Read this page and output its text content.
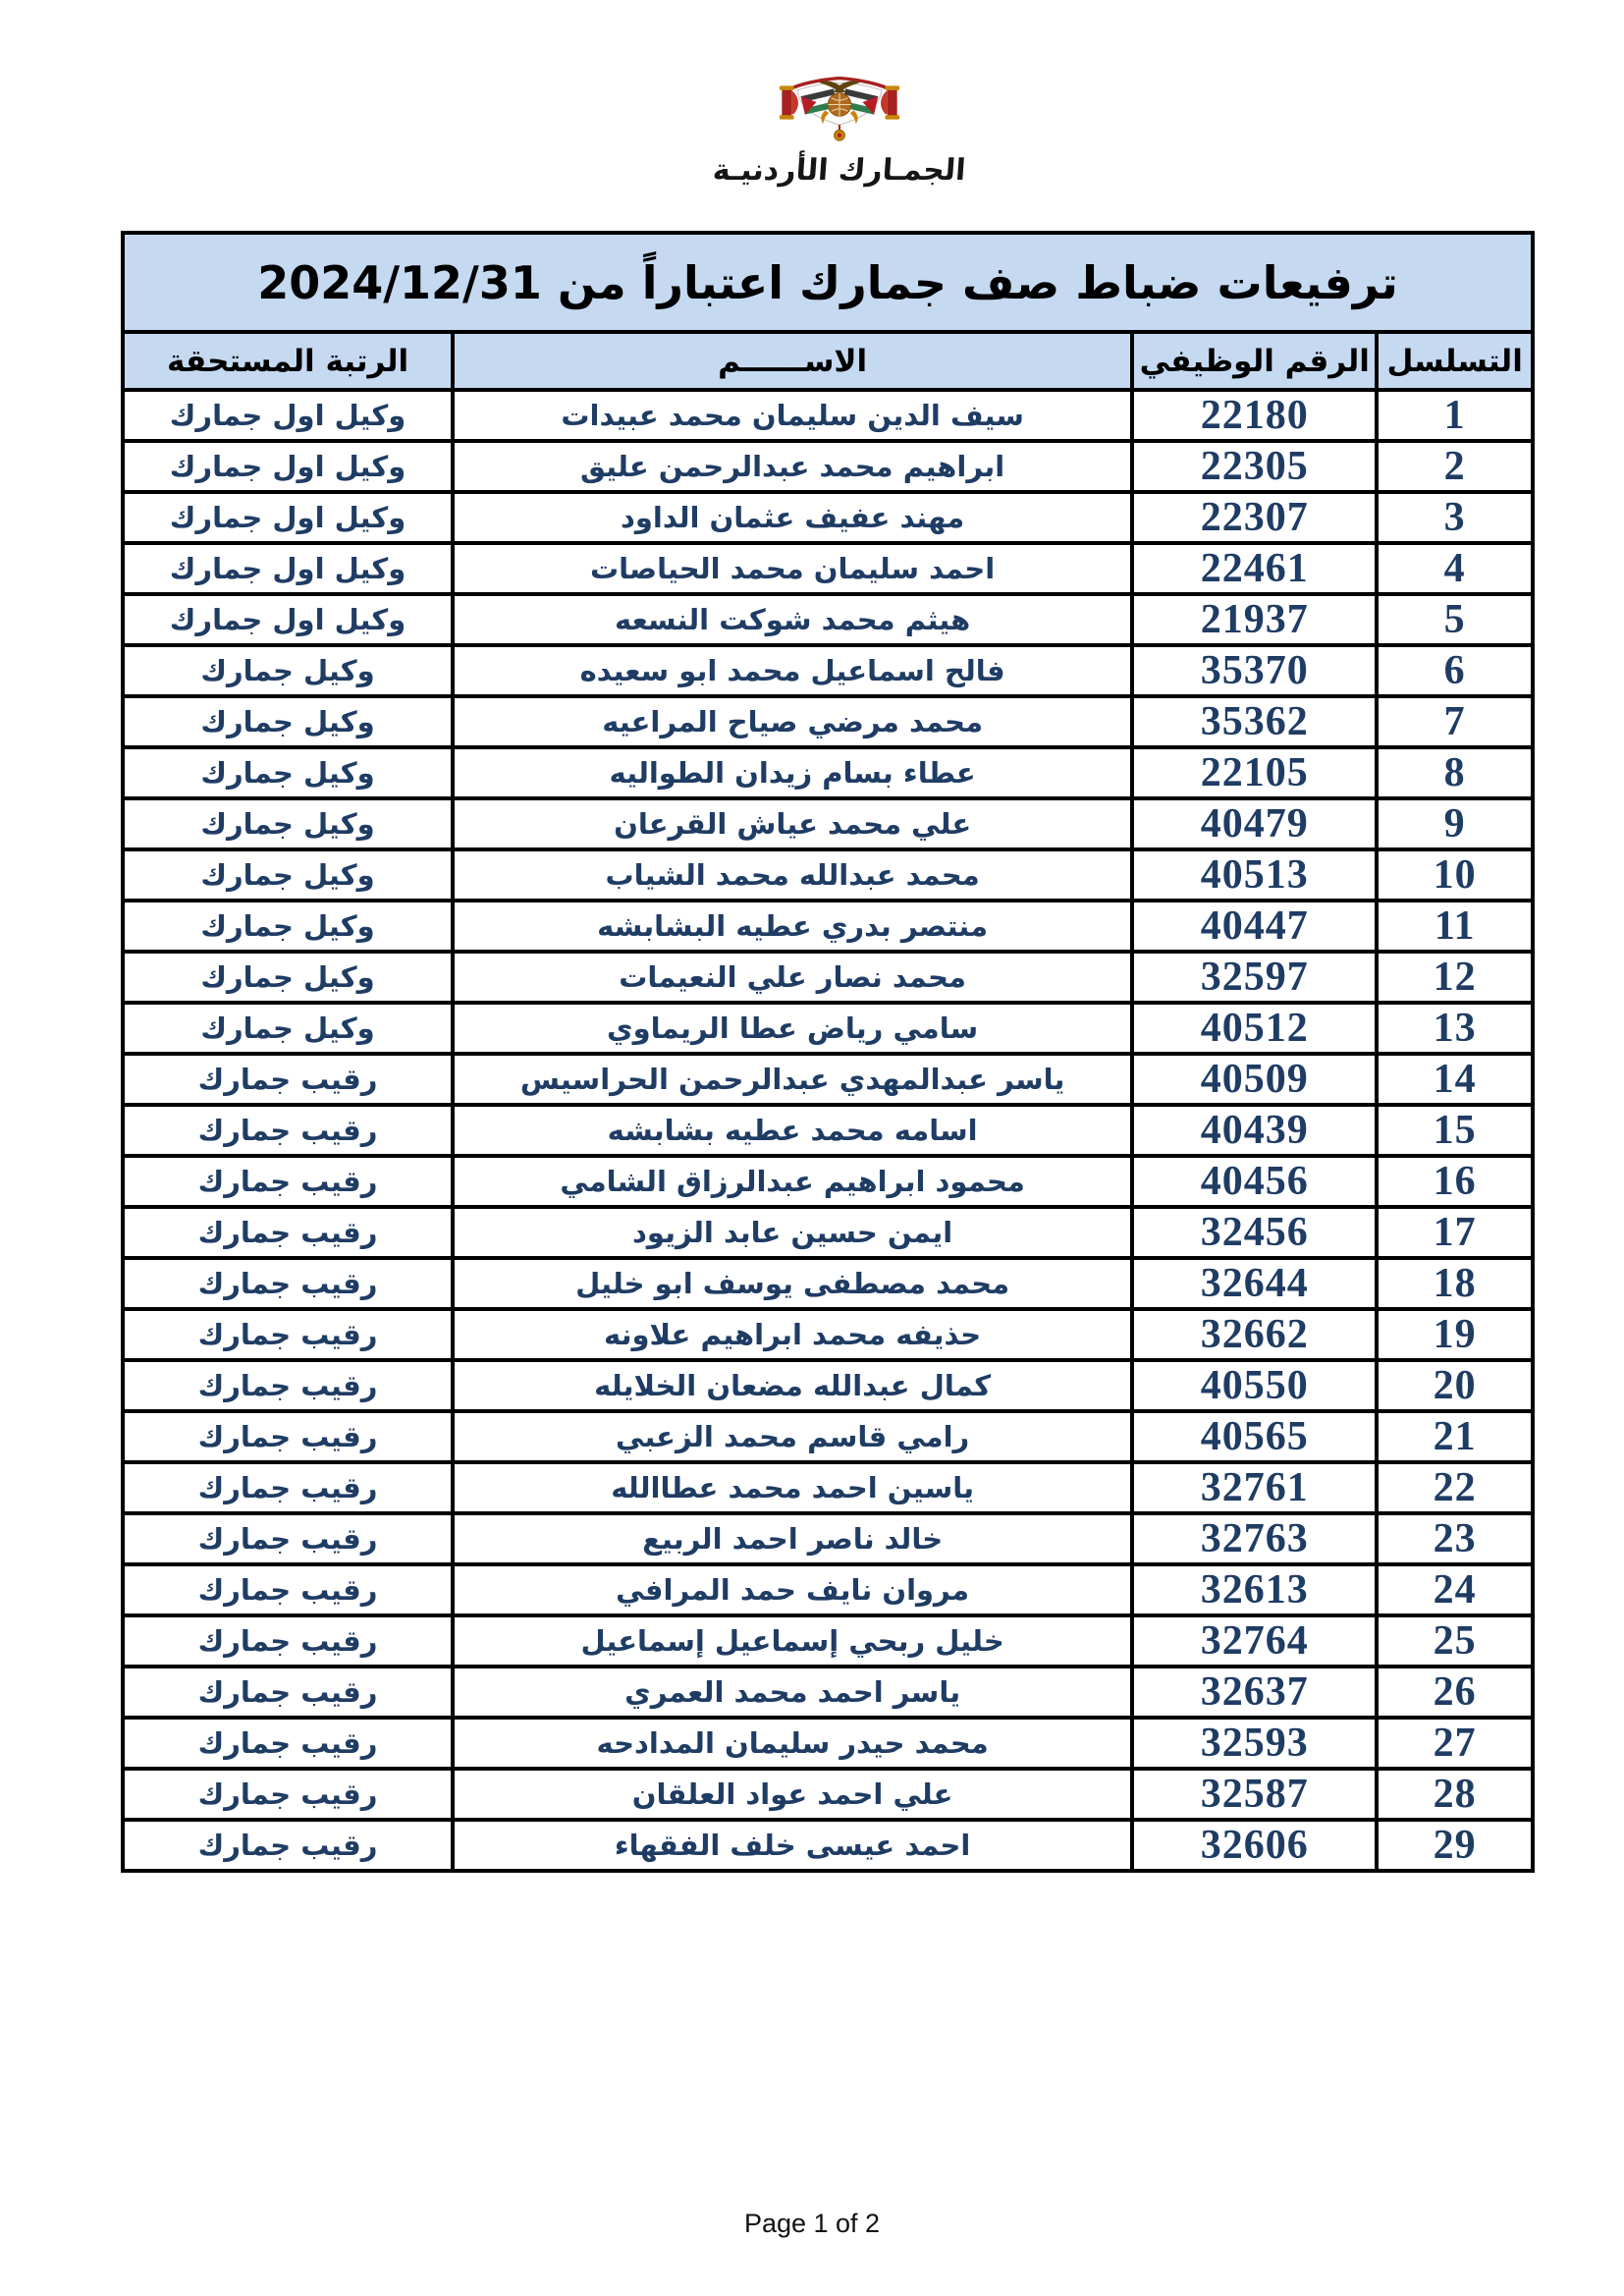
الجمـارك الأردنيـة
ترفيعات ضباط صف جمارك اعتباراً من 2024/12/31			
التسلسل	الرقم الوظيفي	الاســــــم	الرتبة المستحقة
1	22180	سيف الدين سليمان محمد عبيدات	وكيل اول جمارك
2	22305	ابراهيم محمد عبدالرحمن عليق	وكيل اول جمارك
3	22307	مهند عفيف عثمان الداود	وكيل اول جمارك
4	22461	احمد سليمان محمد الحياصات	وكيل اول جمارك
5	21937	هيثم محمد شوكت النسعه	وكيل اول جمارك
6	35370	فالح اسماعيل محمد ابو سعيده	وكيل جمارك
7	35362	محمد مرضي صياح المراعيه	وكيل جمارك
8	22105	عطاء بسام زيدان الطواليه	وكيل جمارك
9	40479	علي محمد عياش القرعان	وكيل جمارك
10	40513	محمد عبدالله محمد الشياب	وكيل جمارك
11	40447	منتصر بدري عطيه البشابشه	وكيل جمارك
12	32597	محمد نصار علي النعيمات	وكيل جمارك
13	40512	سامي رياض عطا الريماوي	وكيل جمارك
14	40509	ياسر عبدالمهدي عبدالرحمن الحراسيس	رقيب جمارك
15	40439	اسامه محمد عطيه بشابشه	رقيب جمارك
16	40456	محمود ابراهيم عبدالرزاق الشامي	رقيب جمارك
17	32456	ايمن حسين عابد الزيود	رقيب جمارك
18	32644	محمد مصطفى يوسف ابو خليل	رقيب جمارك
19	32662	حذيفه محمد ابراهيم علاونه	رقيب جمارك
20	40550	كمال عبدالله مضعان الخلايله	رقيب جمارك
21	40565	رامي قاسم محمد الزعبي	رقيب جمارك
22	32761	ياسين احمد محمد عطاالله	رقيب جمارك
23	32763	خالد ناصر احمد الربيع	رقيب جمارك
24	32613	مروان نايف حمد المرافي	رقيب جمارك
25	32764	خليل ربحي إسماعيل إسماعيل	رقيب جمارك
26	32637	ياسر احمد محمد العمري	رقيب جمارك
27	32593	محمد حيدر سليمان المدادحه	رقيب جمارك
28	32587	علي احمد عواد العلقان	رقيب جمارك
29	32606	احمد عيسى خلف الفقهاء	رقيب جمارك
Page 1 of 2
